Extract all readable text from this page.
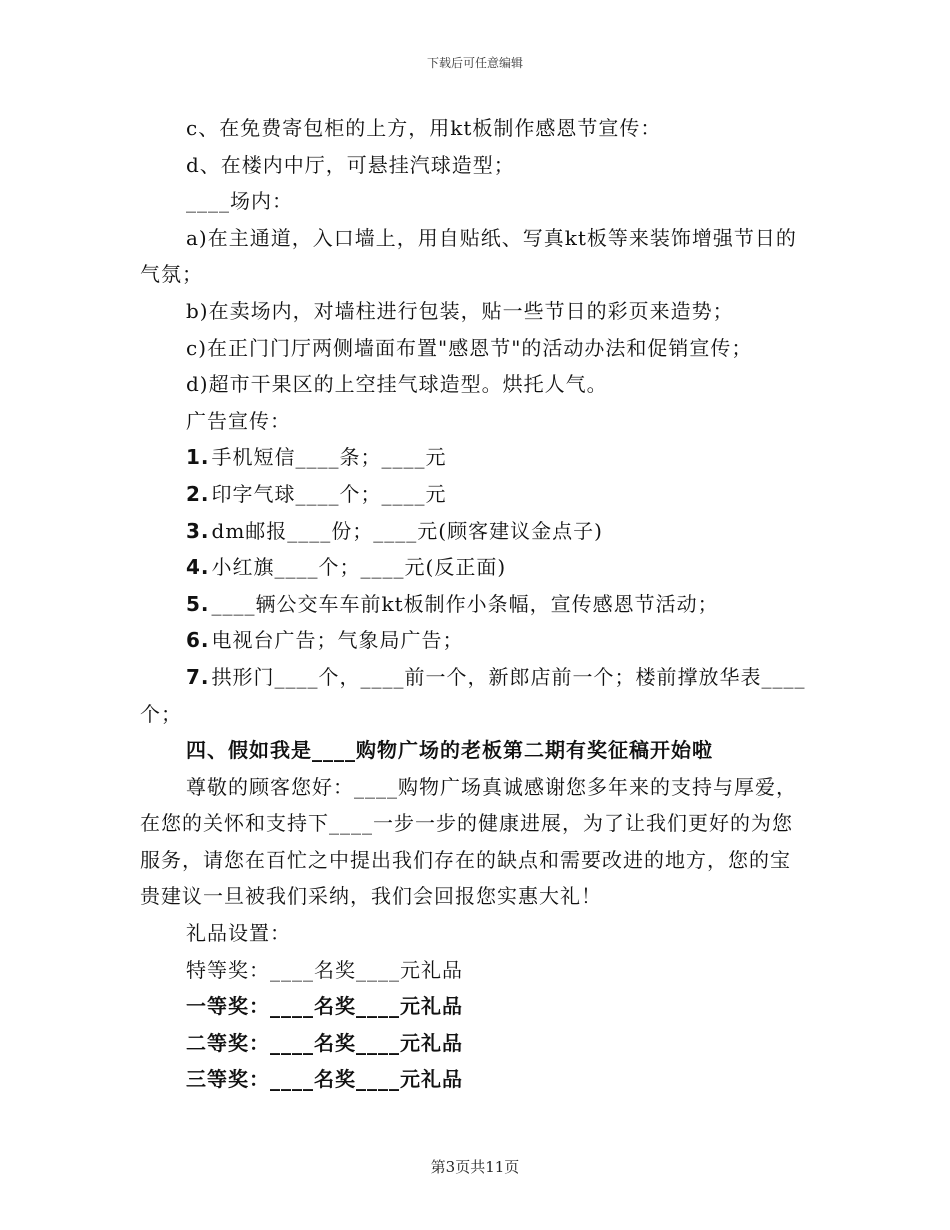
下载后可任意编辑
c、在免费寄包柜的上方，用kt板制作感恩节宣传：
d、在楼内中厅，可悬挂汽球造型；
____场内：
a)在主通道，入口墙上，用自贴纸、写真kt板等来装饰增强节日的气氛；
b)在卖场内，对墙柱进行包装，贴一些节日的彩页来造势；
c)在正门门厅两侧墙面布置"感恩节"的活动办法和促销宣传；
d)超市干果区的上空挂气球造型。烘托人气。
广告宣传：
1. 手机短信____条；____元
2. 印字气球____个；____元
3. dm邮报____份；____元(顾客建议金点子)
4. 小红旗____个；____元(反正面)
5. ____辆公交车车前kt板制作小条幅，宣传感恩节活动；
6. 电视台广告；气象局广告；
7. 拱形门____个，____前一个，新郎店前一个；楼前撑放华表____个；
四、假如我是____购物广场的老板第二期有奖征稿开始啦
尊敬的顾客您好：____购物广场真诚感谢您多年来的支持与厚爱，在您的关怀和支持下____一步一步的健康进展，为了让我们更好的为您服务，请您在百忙之中提出我们存在的缺点和需要改进的地方，您的宝贵建议一旦被我们采纳，我们会回报您实惠大礼！
礼品设置：
特等奖：____名奖____元礼品
一等奖：____名奖____元礼品
二等奖：____名奖____元礼品
三等奖：____名奖____元礼品
第3页共11页
